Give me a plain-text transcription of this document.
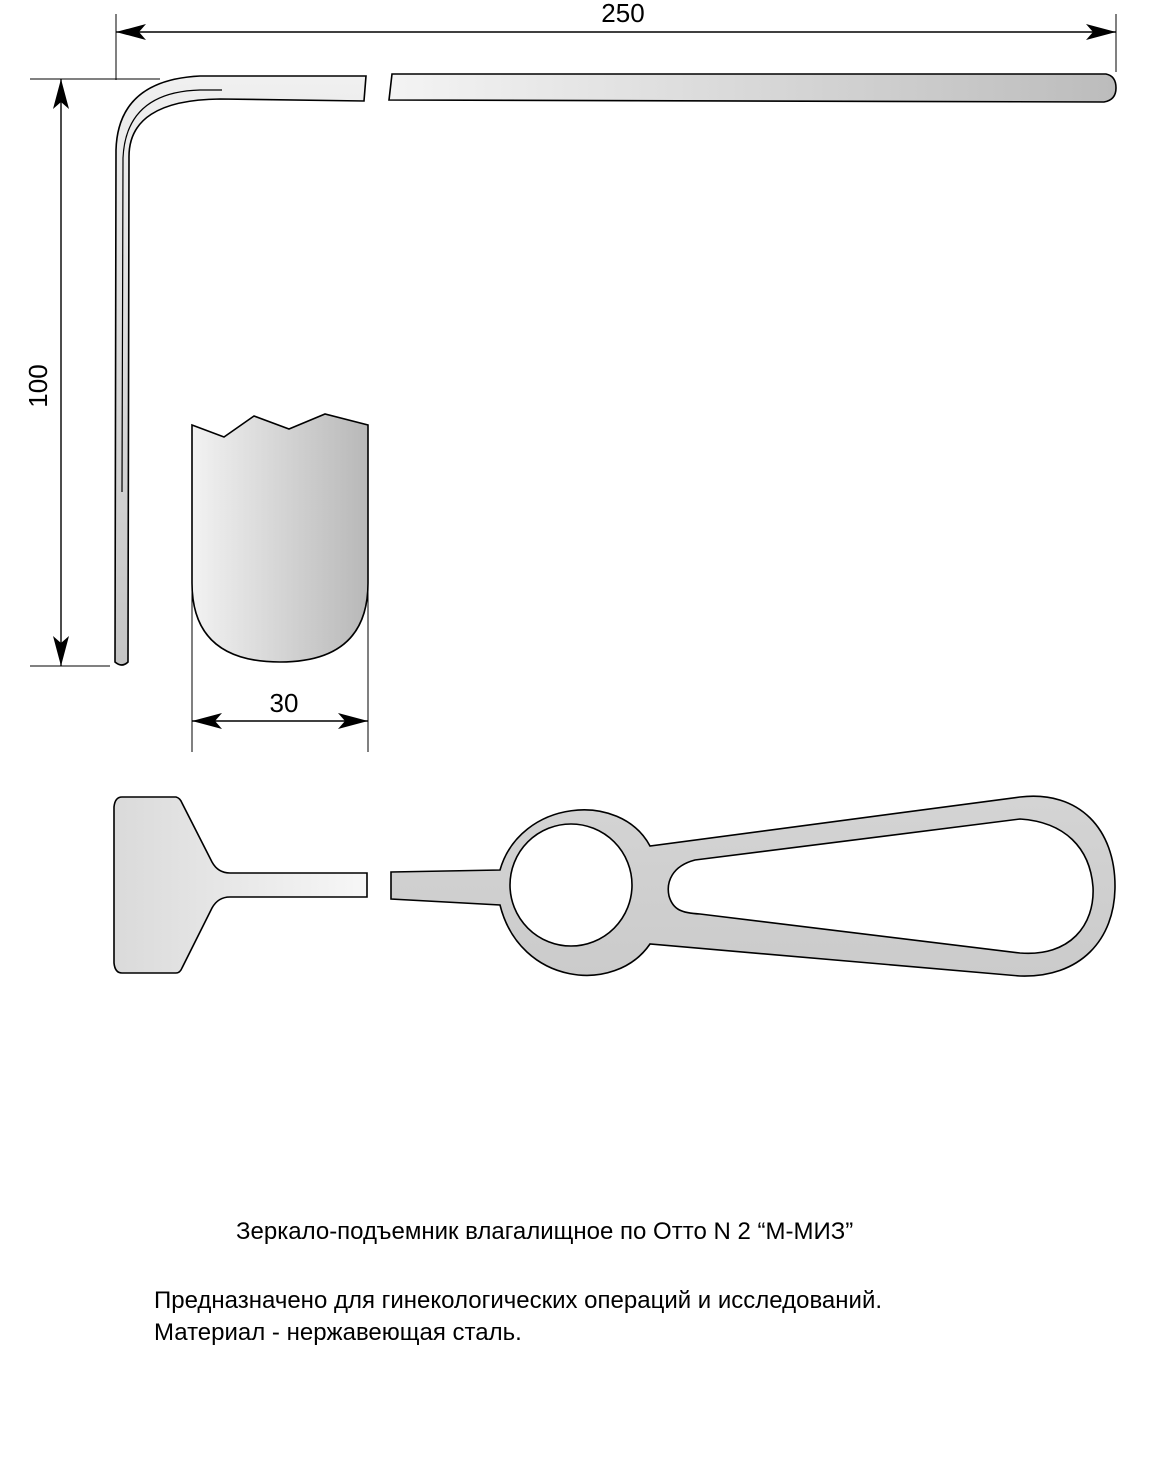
250
100
30
Зеркало-подъемник влагалищное по Отто N 2 “М-МИЗ”
Предназначено для гинекологических операций и исследований.
Материал - нержавеющая сталь.
